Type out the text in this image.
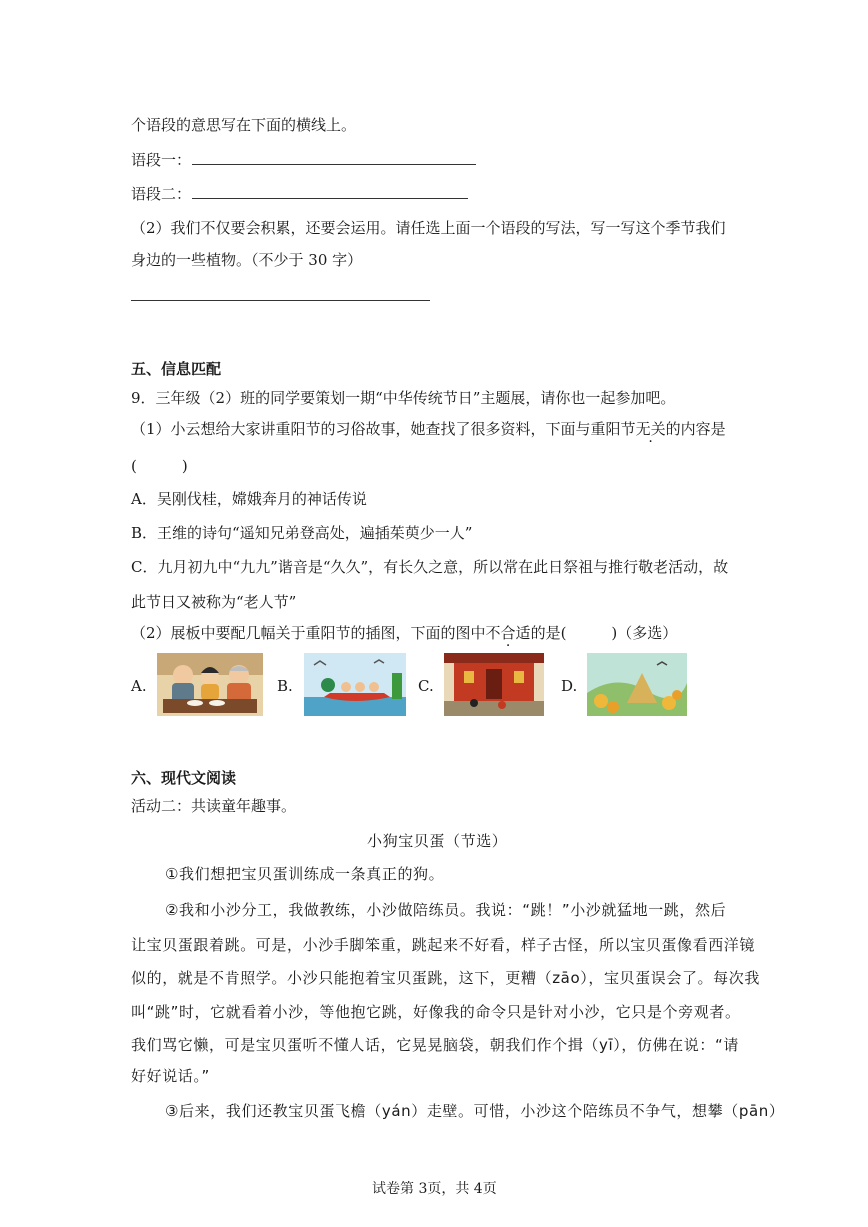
个语段的意思写在下面的横线上。
语段一：
语段二：
（2）我们不仅要会积累，还要会运用。请任选上面一个语段的写法，写一写这个季节我们
身边的一些植物。（不少于 30 字）
五、信息匹配
9．三年级（2）班的同学要策划一期“中华传统节日”主题展，请你也一起参加吧。
（1）小云想给大家讲重阳节的习俗故事，她查找了很多资料，下面与重阳节无关的内容是
(　　　)
A．吴刚伐桂，嫦娥奔月的神话传说
B．王维的诗句“遥知兄弟登高处，遍插茱萸少一人”
C．九月初九中“九九”谐音是“久久”，有长久之意，所以常在此日祭祖与推行敬老活动，故
此节日又被称为“老人节”
（2）展板中要配几幅关于重阳节的插图，下面的图中不合适的是(　　　)（多选）
A.	B.	C.	D.
六、现代文阅读
活动二：共读童年趣事。
小狗宝贝蛋（节选）
①我们想把宝贝蛋训练成一条真正的狗。
②我和小沙分工，我做教练，小沙做陪练员。我说：“跳！”小沙就猛地一跳，然后
让宝贝蛋跟着跳。可是，小沙手脚笨重，跳起来不好看，样子古怪，所以宝贝蛋像看西洋镜
似的，就是不肯照学。小沙只能抱着宝贝蛋跳，这下，更糟（zāo），宝贝蛋误会了。每次我
叫“跳”时，它就看着小沙，等他抱它跳，好像我的命令只是针对小沙，它只是个旁观者。
我们骂它懒，可是宝贝蛋听不懂人话，它晃晃脑袋，朝我们作个揖（yī），仿佛在说：“请
好好说话。”
③后来，我们还教宝贝蛋飞檐（yán）走壁。可惜，小沙这个陪练员不争气，想攀（pān）
试卷第 3页，共 4页
